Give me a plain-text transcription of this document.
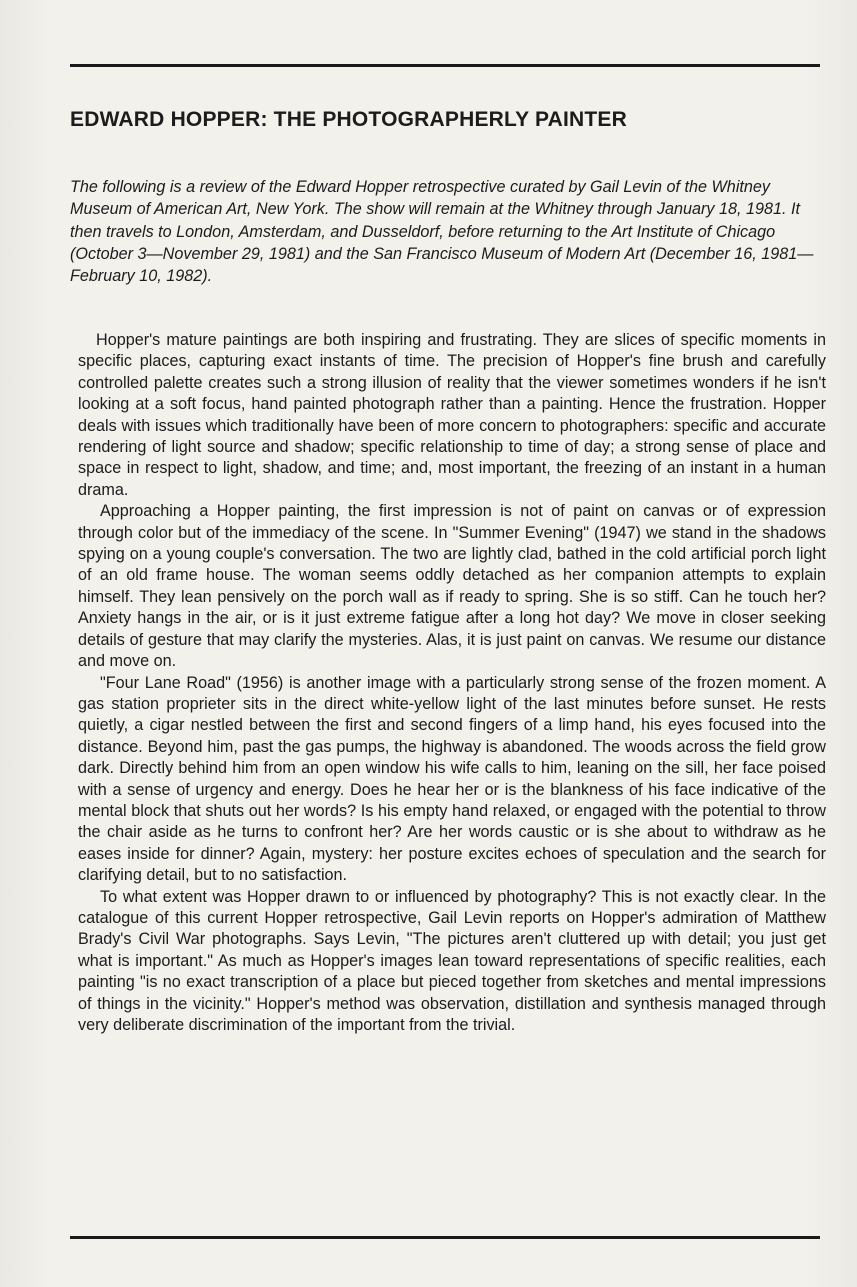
EDWARD HOPPER: THE PHOTOGRAPHERLY PAINTER

The following is a review of the Edward Hopper retrospective curated by Gail Levin of the Whitney Museum of American Art, New York. The show will remain at the Whitney through January 18, 1981. It then travels to London, Amsterdam, and Dusseldorf, before returning to the Art Institute of Chicago (October 3—November 29, 1981) and the San Francisco Museum of Modern Art (December 16, 1981—February 10, 1982).

Hopper's mature paintings are both inspiring and frustrating. They are slices of specific moments in specific places, capturing exact instants of time. The precision of Hopper's fine brush and carefully controlled palette creates such a strong illusion of reality that the viewer sometimes wonders if he isn't looking at a soft focus, hand painted photograph rather than a painting. Hence the frustration. Hopper deals with issues which traditionally have been of more concern to photographers: specific and accurate rendering of light source and shadow; specific relationship to time of day; a strong sense of place and space in respect to light, shadow, and time; and, most important, the freezing of an instant in a human drama.

Approaching a Hopper painting, the first impression is not of paint on canvas or of expression through color but of the immediacy of the scene. In "Summer Evening" (1947) we stand in the shadows spying on a young couple's conversation. The two are lightly clad, bathed in the cold artificial porch light of an old frame house. The woman seems oddly detached as her companion attempts to explain himself. They lean pensively on the porch wall as if ready to spring. She is so stiff. Can he touch her? Anxiety hangs in the air, or is it just extreme fatigue after a long hot day? We move in closer seeking details of gesture that may clarify the mysteries. Alas, it is just paint on canvas. We resume our distance and move on.

"Four Lane Road" (1956) is another image with a particularly strong sense of the frozen moment. A gas station proprieter sits in the direct white-yellow light of the last minutes before sunset. He rests quietly, a cigar nestled between the first and second fingers of a limp hand, his eyes focused into the distance. Beyond him, past the gas pumps, the highway is abandoned. The woods across the field grow dark. Directly behind him from an open window his wife calls to him, leaning on the sill, her face poised with a sense of urgency and energy. Does he hear her or is the blankness of his face indicative of the mental block that shuts out her words? Is his empty hand relaxed, or engaged with the potential to throw the chair aside as he turns to confront her? Are her words caustic or is she about to withdraw as he eases inside for dinner? Again, mystery: her posture excites echoes of speculation and the search for clarifying detail, but to no satisfaction.

To what extent was Hopper drawn to or influenced by photography? This is not exactly clear. In the catalogue of this current Hopper retrospective, Gail Levin reports on Hopper's admiration of Matthew Brady's Civil War photographs. Says Levin, "The pictures aren't cluttered up with detail; you just get what is important." As much as Hopper's images lean toward representations of specific realities, each painting "is no exact transcription of a place but pieced together from sketches and mental impressions of things in the vicinity." Hopper's method was observation, distillation and synthesis managed through very deliberate discrimination of the important from the trivial.
